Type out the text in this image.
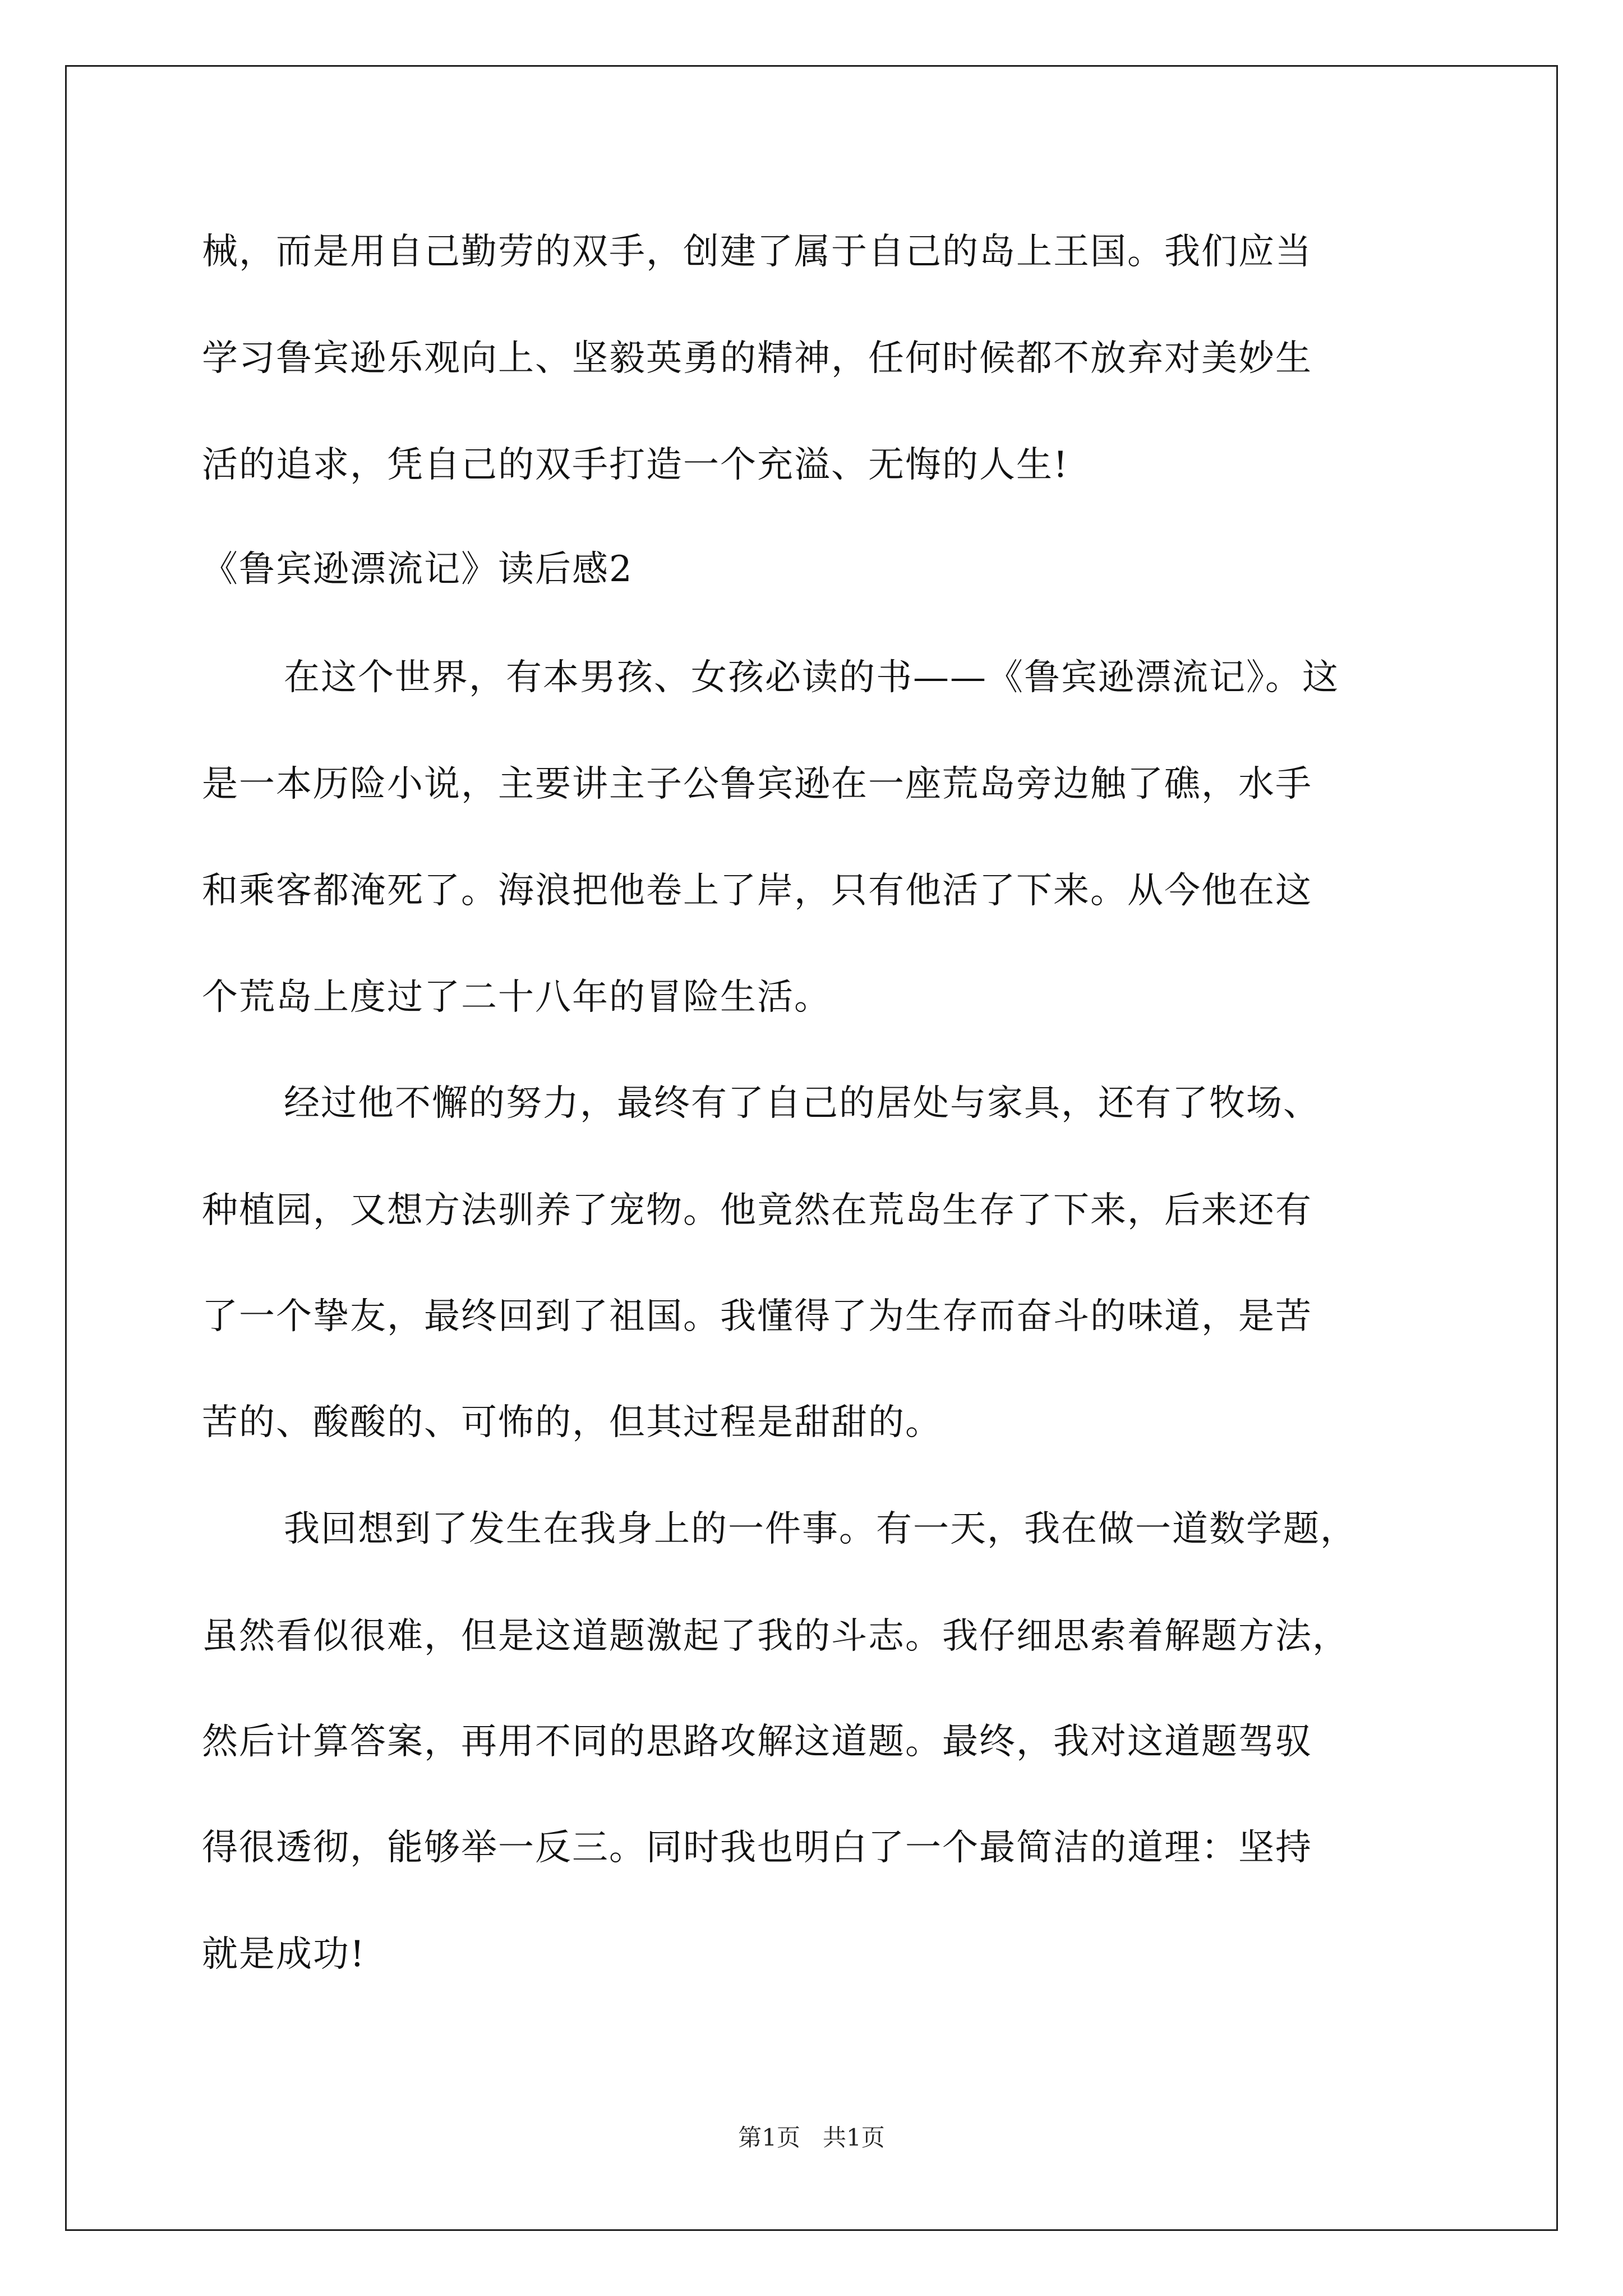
械，而是用自己勤劳的双手，创建了属于自己的岛上王国。我们应当
学习鲁宾逊乐观向上、坚毅英勇的精神，任何时候都不放弃对美妙生
活的追求，凭自己的双手打造一个充溢、无悔的人生!
《鲁宾逊漂流记》读后感2
在这个世界，有本男孩、女孩必读的书——《鲁宾逊漂流记》。这
是一本历险小说，主要讲主子公鲁宾逊在一座荒岛旁边触了礁，水手
和乘客都淹死了。海浪把他卷上了岸，只有他活了下来。从今他在这
个荒岛上度过了二十八年的冒险生活。
经过他不懈的努力，最终有了自己的居处与家具，还有了牧场、
种植园，又想方法驯养了宠物。他竟然在荒岛生存了下来，后来还有
了一个挚友，最终回到了祖国。我懂得了为生存而奋斗的味道，是苦
苦的、酸酸的、可怖的，但其过程是甜甜的。
我回想到了发生在我身上的一件事。有一天，我在做一道数学题，
虽然看似很难，但是这道题激起了我的斗志。我仔细思索着解题方法，
然后计算答案，再用不同的思路攻解这道题。最终，我对这道题驾驭
得很透彻，能够举一反三。同时我也明白了一个最简洁的道理：坚持
就是成功!
第1页 共1页
